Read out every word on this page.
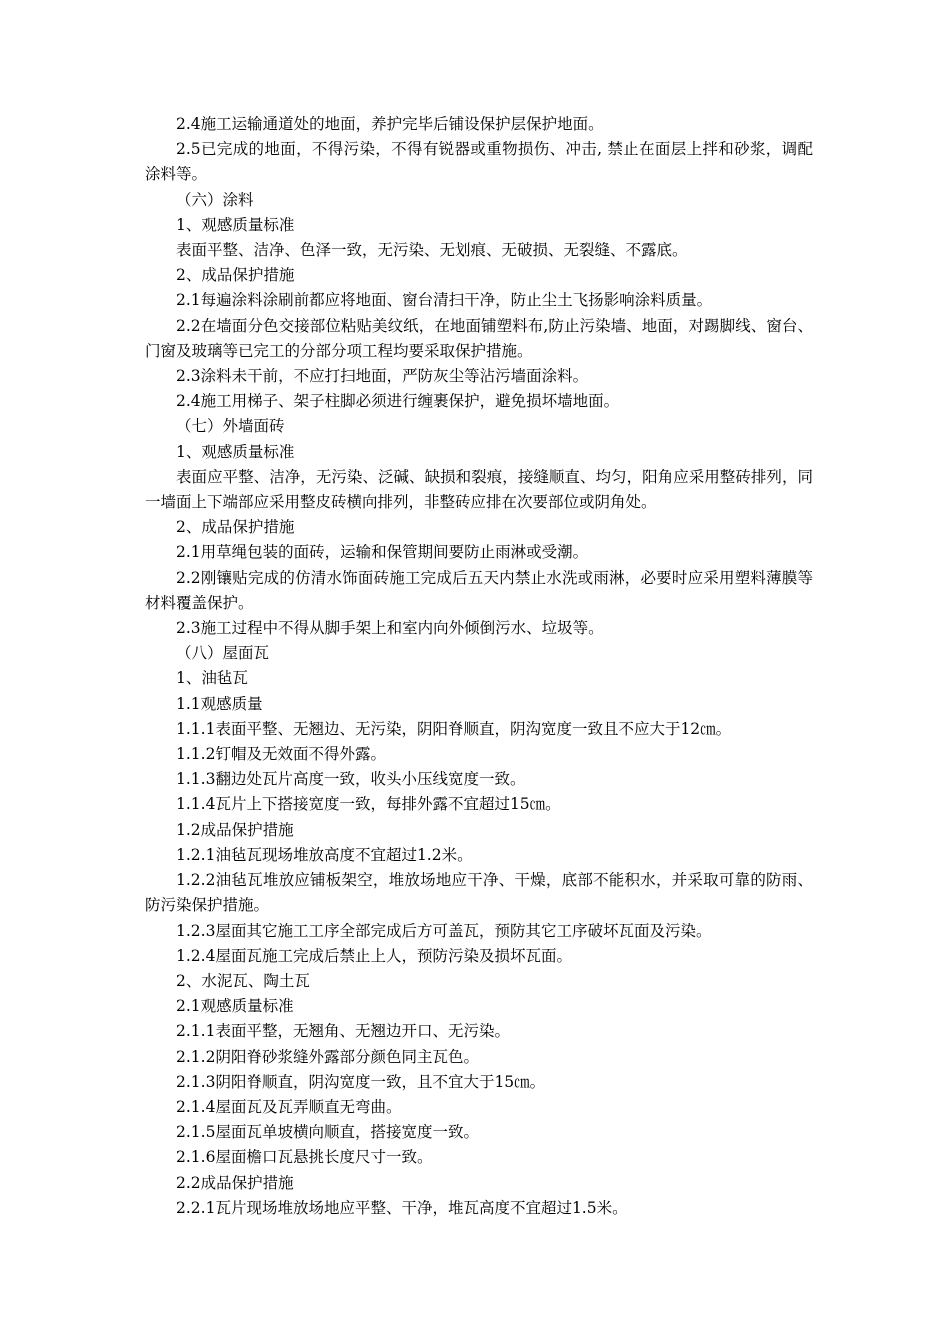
2.4施工运输通道处的地面，养护完毕后铺设保护层保护地面。

2.5已完成的地面，不得污染，不得有锐器或重物损伤、冲击, 禁止在面层上拌和砂浆，调配涂料等。

（六）涂料

1、观感质量标准

表面平整、洁净、色泽一致，无污染、无划痕、无破损、无裂缝、不露底。

2、成品保护措施

2.1每遍涂料涂刷前都应将地面、窗台清扫干净，防止尘土飞扬影响涂料质量。

2.2在墙面分色交接部位粘贴美纹纸，在地面铺塑料布,防止污染墙、地面，对踢脚线、窗台、门窗及玻璃等已完工的分部分项工程均要采取保护措施。

2.3涂料未干前，不应打扫地面，严防灰尘等沾污墙面涂料。

2.4施工用梯子、架子柱脚必须进行缠裹保护，避免损坏墙地面。

（七）外墙面砖

1、观感质量标准

表面应平整、洁净，无污染、泛碱、缺损和裂痕，接缝顺直、均匀，阳角应采用整砖排列，同一墙面上下端部应采用整皮砖横向排列，非整砖应排在次要部位或阴角处。

2、成品保护措施

2.1用草绳包装的面砖，运输和保管期间要防止雨淋或受潮。

2.2刚镶贴完成的仿清水饰面砖施工完成后五天内禁止水洗或雨淋，必要时应采用塑料薄膜等材料覆盖保护。

2.3施工过程中不得从脚手架上和室内向外倾倒污水、垃圾等。

（八）屋面瓦

1、油毡瓦

1.1观感质量

1.1.1表面平整、无翘边、无污染，阴阳脊顺直，阴沟宽度一致且不应大于12㎝。

1.1.2钉帽及无效面不得外露。

1.1.3翻边处瓦片高度一致，收头小压线宽度一致。

1.1.4瓦片上下搭接宽度一致，每排外露不宜超过15㎝。

1.2成品保护措施

1.2.1油毡瓦现场堆放高度不宜超过1.2米。

1.2.2油毡瓦堆放应铺板架空，堆放场地应干净、干燥，底部不能积水，并采取可靠的防雨、防污染保护措施。

1.2.3屋面其它施工工序全部完成后方可盖瓦，预防其它工序破坏瓦面及污染。

1.2.4屋面瓦施工完成后禁止上人，预防污染及损坏瓦面。

2、水泥瓦、陶土瓦

2.1观感质量标准

2.1.1表面平整，无翘角、无翘边开口、无污染。

2.1.2阴阳脊砂浆缝外露部分颜色同主瓦色。

2.1.3阴阳脊顺直，阴沟宽度一致，且不宜大于15㎝。

2.1.4屋面瓦及瓦弄顺直无弯曲。

2.1.5屋面瓦单坡横向顺直，搭接宽度一致。

2.1.6屋面檐口瓦悬挑长度尺寸一致。

2.2成品保护措施

2.2.1瓦片现场堆放场地应平整、干净，堆瓦高度不宜超过1.5米。
